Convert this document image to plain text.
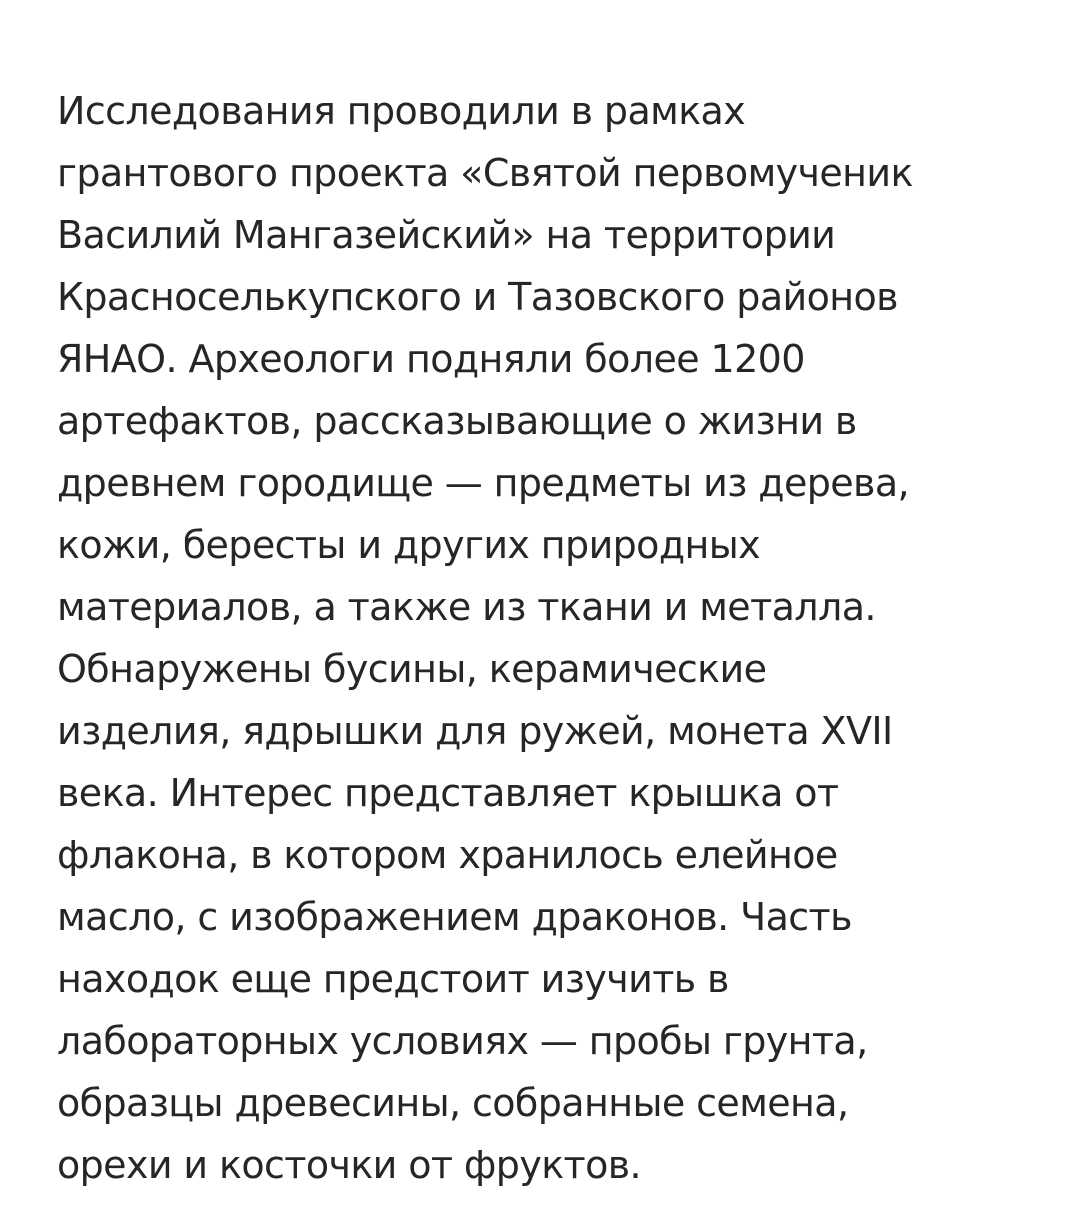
Исследования проводили в рамках
грантового проекта «Святой первомученик
Василий Мангазейский» на территории
Красноселькупского и Тазовского районов
ЯНАО. Археологи подняли более 1200
артефактов, рассказывающие о жизни в
древнем городище — предметы из дерева,
кожи, бересты и других природных
материалов, а также из ткани и металла.
Обнаружены бусины, керамические
изделия, ядрышки для ружей, монета XVII
века. Интерес представляет крышка от
флакона, в котором хранилось елейное
масло, с изображением драконов. Часть
находок еще предстоит изучить в
лабораторных условиях — пробы грунта,
образцы древесины, собранные семена,
орехи и косточки от фруктов.
